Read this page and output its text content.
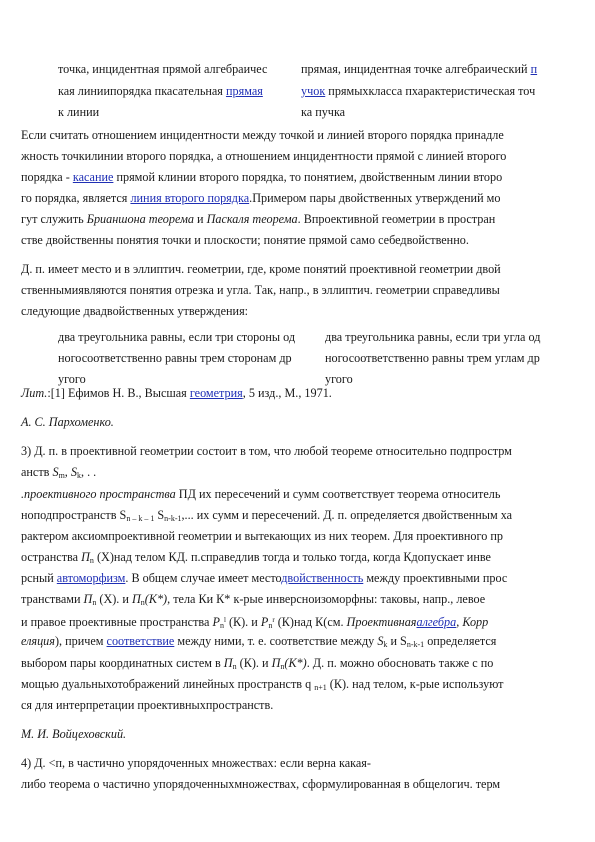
точка, инцидентная прямой алгебраичес
кая линиипорядка пкасательная прямая
к линии
прямая, инцидентная точке алгебраический п
учок прямыхкласса пхарактеристическая точ
ка пучка
Если считать отношением инцидентности между точкой и линией второго порядка принадле
жность точкилинии второго порядка, а отношением инцидентности прямой с линией второго
порядка - касание прямой клинии второго порядка, то понятием, двойственным линии второ
го порядка, является линия второго порядка.Примером пары двойственных утверждений мо
гут служить Брианшона теорема и Паскаля теорема. Впроективной геометрии в простран
стве двойственны понятия точки и плоскости; понятие прямой само себедвойственно.
Д. п. имеет место и в эллиптич. геометрии, где, кроме понятий проективной геометрии двой
ственнымиявляются понятия отрезка и угла. Так, напр., в эллиптич. геометрии справедливы
следующие двадвойственных утверждения:
два треугольника равны, если три стороны од
ногосоответственно равны трем сторонам др
угого
два треугольника равны, если три угла од
ногосоответственно равны трем углам др
угого
Лит.:[1] Ефимов Н. В., Высшая геометрия, 5 изд., М., 1971.
А. С. Пархоменко.
3) Д. п. в проективной геометрии состоит в том, что любой теореме относительно подпрострм
анств Sm, Sk, . .
.проективного пространства ПД их пересечений и сумм соответствует теорема относитель
ноподпространств Sn – k – 1 Sn-k-1,... их сумм и пересечений. Д. п. определяется двойственным ха
рактером аксиомпроективной геометрии и вытекающих из них теорем. Для проективного пр
остранства Пn (Х)над телом КД. п.справедлив тогда и только тогда, когда Кдопускает инве
рсный автоморфизм. В общем случае имеет местодвойственность между проективными прос
транствами Пn (Х). и Пn(К*), тела Ки К* к-рые инверсноизоморфны: таковы, напр., левое
и правое проективные пространства $Рn^l$ (К). и $Рn^r$ (К)над К(см. Проективнаяалгебра, Корр
еляция), причем соответствие между ними, т. е. соответствие между Sk и Sn-k-1 определяется
выбором пары координатных систем в Пn (К). и Пn(К*). Д. п. можно обосновать также с по
мощью дуальныхотображений линейных пространств q n+1 (К). над телом, к-рые используют
ся для интерпретации проективныхпространств.
М. И. Войцеховский.
4) Д. <п, в частично упорядоченных множествах: если верна какая-
либо теорема о частично упорядоченныхмножествах, сформулированная в общелогич. терм
